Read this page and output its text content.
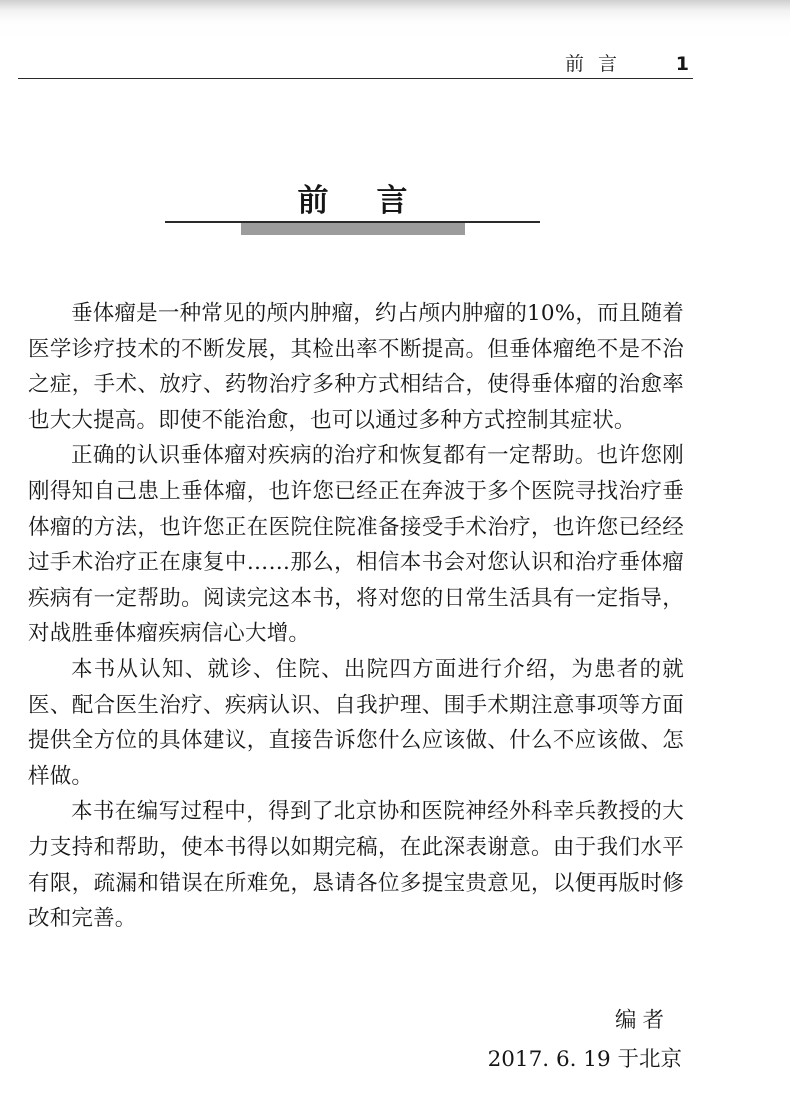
前言 1
前言

垂体瘤是一种常见的颅内肿瘤，约占颅内肿瘤的10%，而且随着医学诊疗技术的不断发展，其检出率不断提高。但垂体瘤绝不是不治之症，手术、放疗、药物治疗多种方式相结合，使得垂体瘤的治愈率也大大提高。即使不能治愈，也可以通过多种方式控制其症状。

正确的认识垂体瘤对疾病的治疗和恢复都有一定帮助。也许您刚刚得知自己患上垂体瘤，也许您已经正在奔波于多个医院寻找治疗垂体瘤的方法，也许您正在医院住院准备接受手术治疗，也许您已经经过手术治疗正在康复中……那么，相信本书会对您认识和治疗垂体瘤疾病有一定帮助。阅读完这本书，将对您的日常生活具有一定指导，对战胜垂体瘤疾病信心大增。

本书从认知、就诊、住院、出院四方面进行介绍，为患者的就医、配合医生治疗、疾病认识、自我护理、围手术期注意事项等方面提供全方位的具体建议，直接告诉您什么应该做、什么不应该做、怎样做。

本书在编写过程中，得到了北京协和医院神经外科幸兵教授的大力支持和帮助，使本书得以如期完稿，在此深表谢意。由于我们水平有限，疏漏和错误在所难免，恳请各位多提宝贵意见，以便再版时修改和完善。

编者
2017. 6. 19 于北京
